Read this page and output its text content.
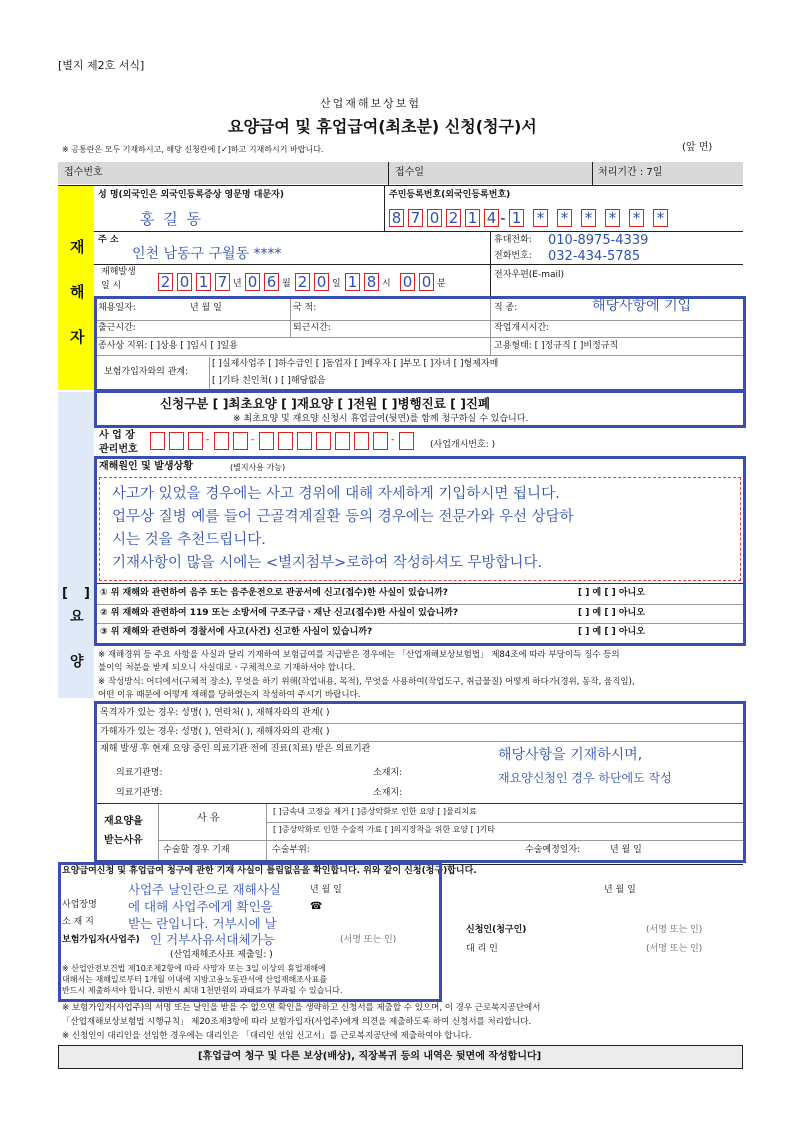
[별지 제2호 서식]
산업재해보상보험
요양급여 및 휴업급여(최초분) 신청(청구)서
※ 공통란은 모두 기재하시고, 해당 신청란에 [✓]하고 기재하시기 바랍니다.	(앞 면)
접수번호	접수일	처리기간 : 7일
재
해
자
[ ]
요
양
성 명(외국인은 외국인등록증상 영문명 대문자)
홍 길 동
주민등록번호(외국인등록번호)
8 7 0 2 1 4 - 1 * * * * * *
주 소
인천 남동구 구월동 ****
휴대전화: 010-8975-4339
전화번호: 032-434-5785
재해발생
일 시	2 0 1 7 년 0 6 월 2 0 일 1 8 시 0 0 분
전자우편(E-mail)
채용일자:	년 월 일	국 적:	직 종:	해당사항에 기입
출근시간:	퇴근시간:	작업개시시간:
종사상 지위: [ ]상용 [ ]임시 [ ]일용	고용형태: [ ]정규직 [ ]비정규직
보험가입자와의 관계:
[ ]실제사업주 [ ]하수급인 [ ]동업자 [ ]배우자 [ ]부모 [ ]자녀 [ ]형제자매
[ ]기타 친인척( ) [ ]해당없음
신청구분 [ ]최초요양 [ ]재요양 [ ]전원 [ ]병행진료 [ ]진폐
※ 최초요양 및 재요양 신청시 휴업급여(뒷면)를 함께 청구하실 수 있습니다.
사 업 장
관리번호
-	-	-	(사업개시번호: )
재해원인 및 발생상황	(별지사용 가능)
사고가 있었을 경우에는 사고 경위에 대해 자세하게 기입하시면 됩니다.
업무상 질병 예를 들어 근골격계질환 등의 경우에는 전문가와 우선 상담하
시는 것을 추천드립니다.
기재사항이 많을 시에는 <별지첨부>로하여 작성하셔도 무방합니다.
① 위 재해와 관련하여 음주 또는 음주운전으로 관공서에 신고(접수)한 사실이 있습니까?	[ ] 예 [ ] 아니오
② 위 재해와 관련하여 119 또는 소방서에 구조구급ㆍ재난 신고(접수)한 사실이 있습니까?	[ ] 예 [ ] 아니오
③ 위 재해와 관련하여 경찰서에 사고(사건) 신고한 사실이 있습니까?	[ ] 예 [ ] 아니오
※ 재해경위 등 주요 사항을 사실과 달리 기재하여 보험급여를 지급받은 경우에는 「산업재해보상보험법」 제84조에 따라 부당이득 징수 등의
불이익 처분을 받게 되오니 사실대로ㆍ구체적으로 기재하셔야 합니다.
※ 작성방식: 어디에서(구체적 장소), 무엇을 하기 위해(작업내용, 목적), 무엇을 사용하여(작업도구, 취급물질) 어떻게 하다가(경위, 동작, 움직임),
어떤 이유 때문에 어떻게 재해를 당하였는지 작성하여 주시기 바랍니다.
목격자가 있는 경우: 성명( ), 연락처( ), 재해자와의 관계( )
가해자가 있는 경우: 성명( ), 연락처( ), 재해자와의 관계( )
재해 발생 후 현재 요양 중인 의료기관 전에 진료(치료) 받은 의료기관
의료기관명:	소재지:
의료기관명:	소재지:
해당사항을 기재하시며,
재요양신청인 경우 하단에도 작성
재요양을
받는사유
사 유
[ ]금속내 고정을 제거 [ ]증상악화로 인한 요양 [ ]물리치료
[ ]증상악화로 인한 수술적 가료 [ ]의지장착을 위한 요양 [ ]기타
수술할 경우 기재	수술부위:	수술예정일자:	년 월 일
요양급여신청 및 휴업급여 청구에 관한 기재 사실이 틀림없음을 확인합니다. 위와 같이 신청(청구)합니다.
사업주 날인란으로 재해사실
에 대해 사업주에게 확인을
받는 란입니다. 거부시에 날
인 거부사유서대체가능
년 월 일
사업장명
소 재 지
☎
보험가입자(사업주)	(서명 또는 인)
(산업재해조사표 제출일: )
년 월 일
신청인(청구인)	(서명 또는 인)
대 리 인	(서명 또는 인)
※ 산업안전보건법 제10조제2항에 따라 사망자 또는 3일 이상의 휴업재해에
대해서는 재해일로부터 1개월 이내에 지방고용노동관서에 산업재해조사표를
반드시 제출하셔야 합니다. 위반시 최대 1천만원의 과태료가 부과될 수 있습니다.
※ 보험가입자(사업주)의 서명 또는 날인을 받을 수 없으면 확인을 생략하고 신청서를 제출할 수 있으며, 이 경우 근로복지공단에서
「산업재해보상보험법 시행규칙」 제20조제3항에 따라 보험가입자(사업주)에게 의견을 제출하도록 하여 신청서를 처리합니다.
※ 신청인이 대리인을 선임한 경우에는 대리인은 「대리인 선임 신고서」를 근로복지공단에 제출하여야 합니다.
[휴업급여 청구 및 다른 보상(배상), 직장복귀 등의 내역은 뒷면에 작성합니다]
